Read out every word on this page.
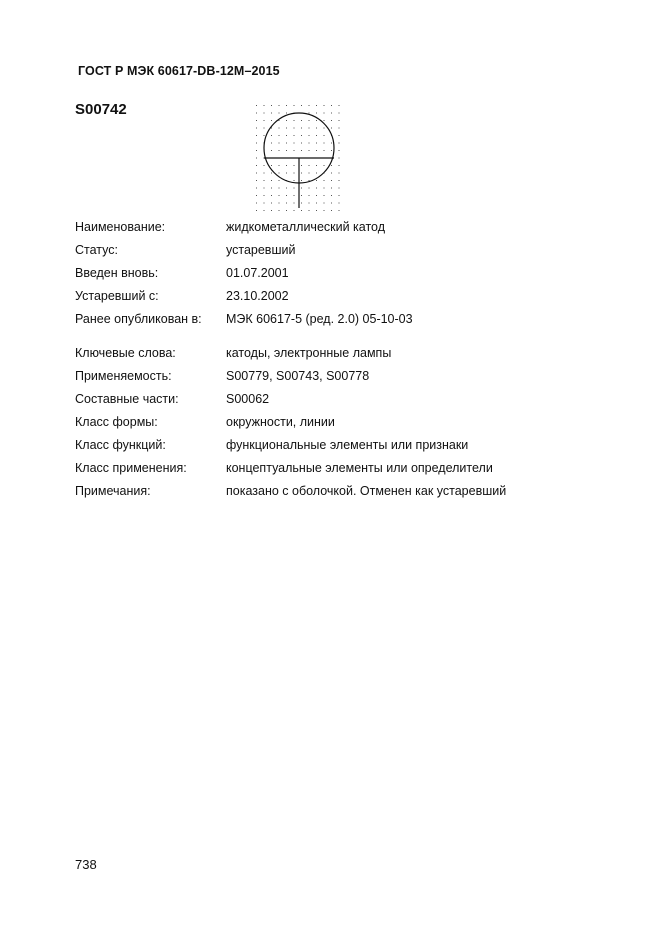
ГОСТ Р МЭК 60617-DB-12M–2015
S00742
Наименование:	жидкометаллический катод
Статус:	устаревший
Введен вновь:	01.07.2001
Устаревший с:	23.10.2002
Ранее опубликован в: МЭК 60617-5 (ред. 2.0) 05-10-03
Ключевые слова:	катоды, электронные лампы
Применяемость:	S00779, S00743, S00778
Составные части:	S00062
Класс формы:	окружности, линии
Класс функций:	функциональные элементы или признаки
Класс применения:	концептуальные элементы или определители
Примечания:	показано с оболочкой. Отменен как устаревший
738
